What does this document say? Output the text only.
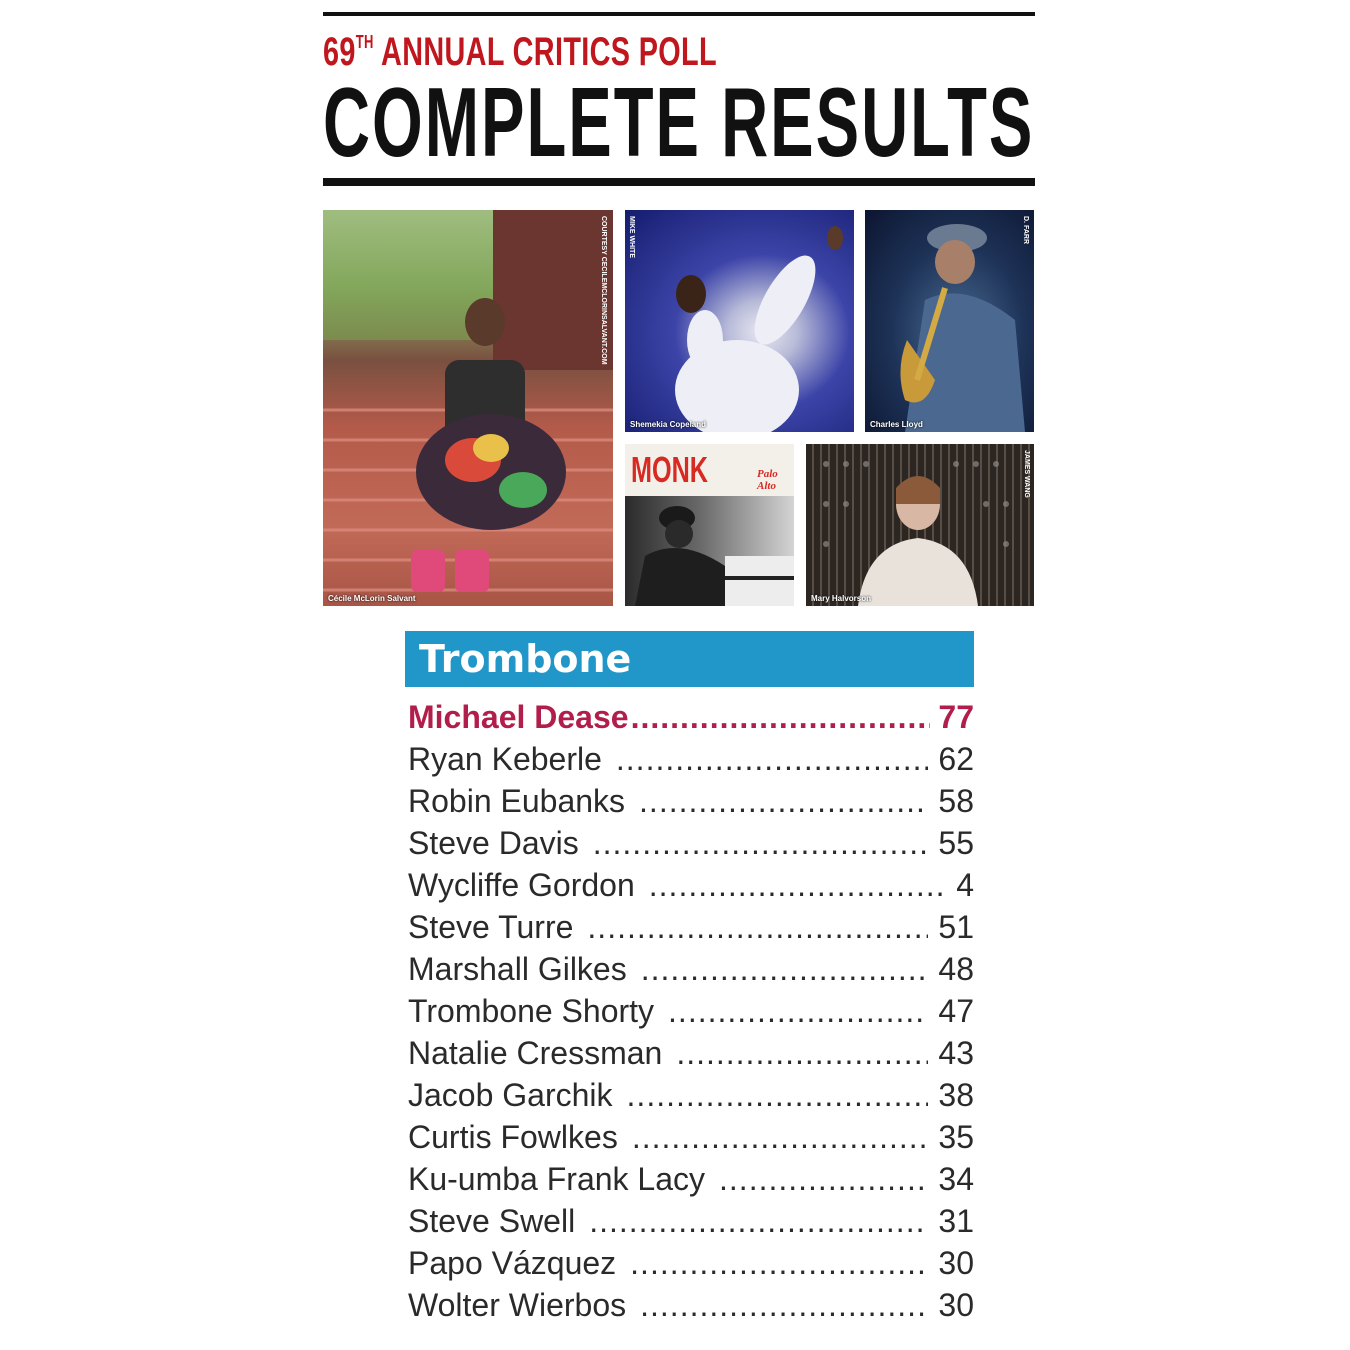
69TH ANNUAL CRITICS POLL
COMPLETE RESULTS
COURTESY CECILEMCLORINSALVANT.COM
Cécile McLorin Salvant
MIKE WHITE
Shemekia Copeland
D. FARR
Charles Lloyd
MONK	Palo Alto	JAMES WANG
Mary Halvorson
Trombone
Michael Dease .....	77
Ryan Keberle .....	62
Robin Eubanks .....	58
Steve Davis .....	55
Wycliffe Gordon .....	4
Steve Turre .....	51
Marshall Gilkes .....	48
Trombone Shorty .....	47
Natalie Cressman .....	43
Jacob Garchik .....	38
Curtis Fowlkes .....	35
Ku-umba Frank Lacy .....	34
Steve Swell .....	31
Papo Vázquez .....	30
Wolter Wierbos .....	30
